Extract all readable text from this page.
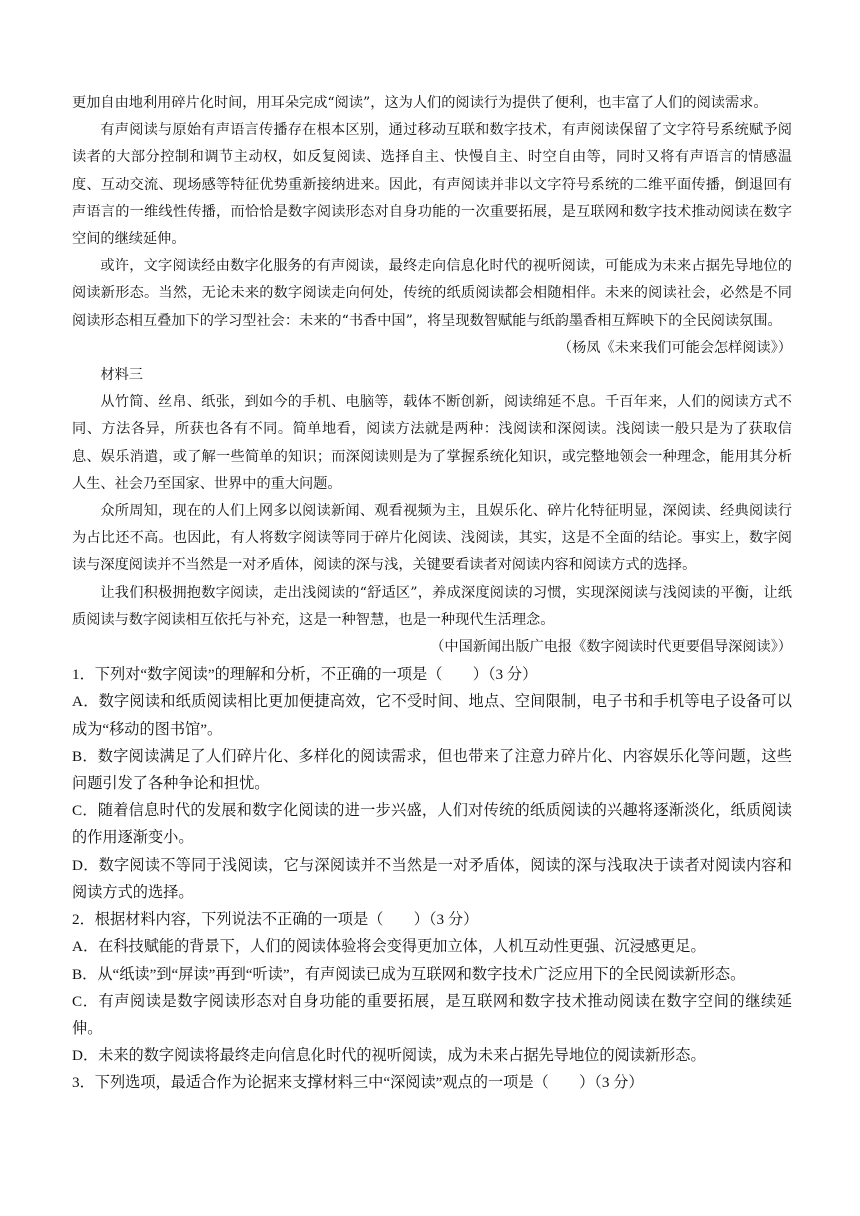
更加自由地利用碎片化时间，用耳朵完成“阅读”，这为人们的阅读行为提供了便利，也丰富了人们的阅读需求。

有声阅读与原始有声语言传播存在根本区别，通过移动互联和数字技术，有声阅读保留了文字符号系统赋予阅读者的大部分控制和调节主动权，如反复阅读、选择自主、快慢自主、时空自由等，同时又将有声语言的情感温度、互动交流、现场感等特征优势重新接纳进来。因此，有声阅读并非以文字符号系统的二维平面传播，倒退回有声语言的一维线性传播，而恰恰是数字阅读形态对自身功能的一次重要拓展，是互联网和数字技术推动阅读在数字空间的继续延伸。

或许，文字阅读经由数字化服务的有声阅读，最终走向信息化时代的视听阅读，可能成为未来占据先导地位的阅读新形态。当然，无论未来的数字阅读走向何处，传统的纸质阅读都会相随相伴。未来的阅读社会，必然是不同阅读形态相互叠加下的学习型社会：未来的“书香中国”，将呈现数智赋能与纸韵墨香相互辉映下的全民阅读氛围。

（杨凤《未来我们可能会怎样阅读》）

材料三

从竹简、丝帛、纸张，到如今的手机、电脑等，载体不断创新，阅读绵延不息。千百年来，人们的阅读方式不同、方法各异，所获也各有不同。简单地看，阅读方法就是两种：浅阅读和深阅读。浅阅读一般只是为了获取信息、娱乐消遣，或了解一些简单的知识；而深阅读则是为了掌握系统化知识，或完整地领会一种理念，能用其分析人生、社会乃至国家、世界中的重大问题。

众所周知，现在的人们上网多以阅读新闻、观看视频为主，且娱乐化、碎片化特征明显，深阅读、经典阅读行为占比还不高。也因此，有人将数字阅读等同于碎片化阅读、浅阅读，其实，这是不全面的结论。事实上，数字阅读与深度阅读并不当然是一对矛盾体，阅读的深与浅，关键要看读者对阅读内容和阅读方式的选择。

让我们积极拥抱数字阅读，走出浅阅读的“舒适区”，养成深度阅读的习惯，实现深阅读与浅阅读的平衡，让纸质阅读与数字阅读相互依托与补充，这是一种智慧，也是一种现代生活理念。

（中国新闻出版广电报《数字阅读时代更要倡导深阅读》）

1．下列对“数字阅读”的理解和分析，不正确的一项是（　　）（3 分）

A．数字阅读和纸质阅读相比更加便捷高效，它不受时间、地点、空间限制，电子书和手机等电子设备可以成为“移动的图书馆”。

B．数字阅读满足了人们碎片化、多样化的阅读需求，但也带来了注意力碎片化、内容娱乐化等问题，这些问题引发了各种争论和担忧。

C．随着信息时代的发展和数字化阅读的进一步兴盛，人们对传统的纸质阅读的兴趣将逐渐淡化，纸质阅读的作用逐渐变小。

D．数字阅读不等同于浅阅读，它与深阅读并不当然是一对矛盾体，阅读的深与浅取决于读者对阅读内容和阅读方式的选择。

2．根据材料内容，下列说法不正确的一项是（　　）（3 分）

A．在科技赋能的背景下，人们的阅读体验将会变得更加立体，人机互动性更强、沉浸感更足。

B．从“纸读”到“屏读”再到“听读”，有声阅读已成为互联网和数字技术广泛应用下的全民阅读新形态。

C．有声阅读是数字阅读形态对自身功能的重要拓展，是互联网和数字技术推动阅读在数字空间的继续延伸。

D．未来的数字阅读将最终走向信息化时代的视听阅读，成为未来占据先导地位的阅读新形态。

3．下列选项，最适合作为论据来支撑材料三中“深阅读”观点的一项是（　　）（3 分）
